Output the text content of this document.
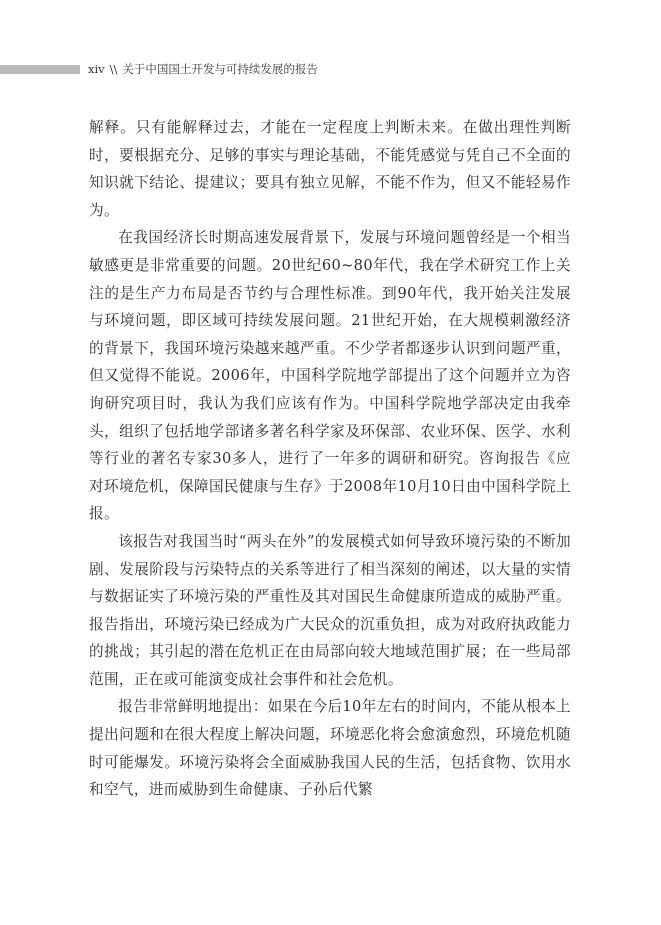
xiv \\ 关于中国国土开发与可持续发展的报告

解释。只有能解释过去，才能在一定程度上判断未来。在做出理性判断时，要根据充分、足够的事实与理论基础，不能凭感觉与凭自己不全面的知识就下结论、提建议；要具有独立见解，不能不作为，但又不能轻易作为。

在我国经济长时期高速发展背景下，发展与环境问题曾经是一个相当敏感更是非常重要的问题。20世纪60~80年代，我在学术研究工作上关注的是生产力布局是否节约与合理性标准。到90年代，我开始关注发展与环境问题，即区域可持续发展问题。21世纪开始，在大规模刺激经济的背景下，我国环境污染越来越严重。不少学者都逐步认识到问题严重，但又觉得不能说。2006年，中国科学院地学部提出了这个问题并立为咨询研究项目时，我认为我们应该有作为。中国科学院地学部决定由我牵头，组织了包括地学部诸多著名科学家及环保部、农业环保、医学、水利等行业的著名专家30多人，进行了一年多的调研和研究。咨询报告《应对环境危机，保障国民健康与生存》于2008年10月10日由中国科学院上报。

该报告对我国当时“两头在外”的发展模式如何导致环境污染的不断加剧、发展阶段与污染特点的关系等进行了相当深刻的阐述，以大量的实情与数据证实了环境污染的严重性及其对国民生命健康所造成的威胁严重。报告指出，环境污染已经成为广大民众的沉重负担，成为对政府执政能力的挑战；其引起的潜在危机正在由局部向较大地域范围扩展；在一些局部范围，正在或可能演变成社会事件和社会危机。

报告非常鲜明地提出：如果在今后10年左右的时间内，不能从根本上提出问题和在很大程度上解决问题，环境恶化将会愈演愈烈，环境危机随时可能爆发。环境污染将会全面威胁我国人民的生活，包括食物、饮用水和空气，进而威胁到生命健康、子孙后代繁
